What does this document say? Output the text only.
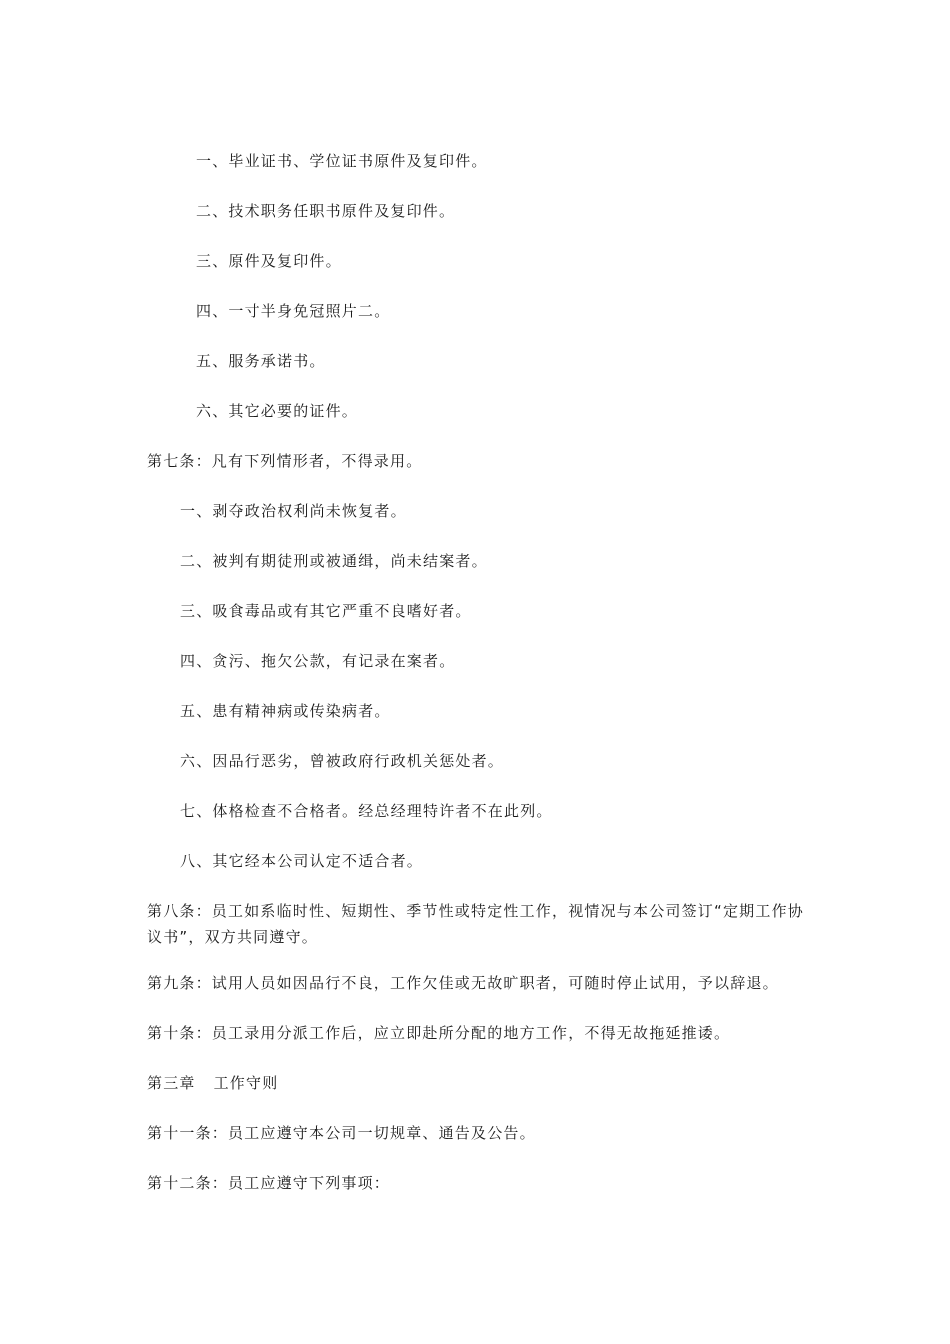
一、毕业证书、学位证书原件及复印件。
二、技术职务任职书原件及复印件。
三、原件及复印件。
四、一寸半身免冠照片二。
五、服务承诺书。
六、其它必要的证件。
第七条：凡有下列情形者，不得录用。
一、剥夺政治权利尚未恢复者。
二、被判有期徒刑或被通缉，尚未结案者。
三、吸食毒品或有其它严重不良嗜好者。
四、贪污、拖欠公款，有记录在案者。
五、患有精神病或传染病者。
六、因品行恶劣，曾被政府行政机关惩处者。
七、体格检查不合格者。经总经理特许者不在此列。
八、其它经本公司认定不适合者。
第八条：员工如系临时性、短期性、季节性或特定性工作，视情况与本公司签订“定期工作协议书”，双方共同遵守。
第九条：试用人员如因品行不良，工作欠佳或无故旷职者，可随时停止试用，予以辞退。
第十条：员工录用分派工作后，应立即赴所分配的地方工作，不得无故拖延推诿。
第三章 工作守则
第十一条：员工应遵守本公司一切规章、通告及公告。
第十二条：员工应遵守下列事项：
